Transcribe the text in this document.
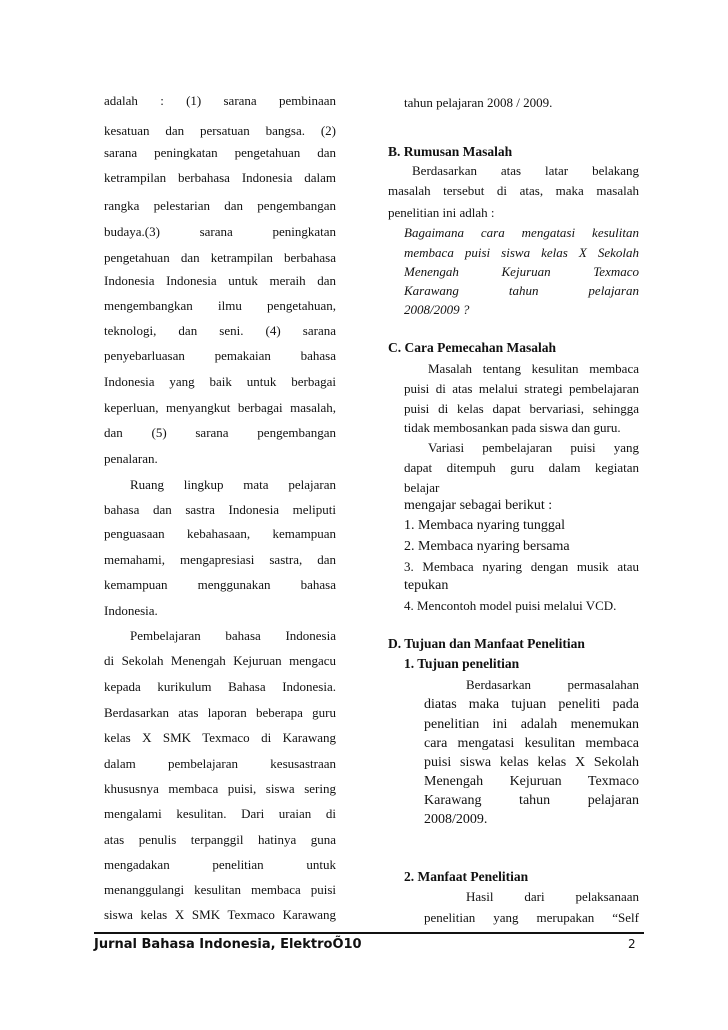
adalah : (1) sarana pembinaan
kesatuan dan persatuan bangsa. (2)
sarana peningkatan pengetahuan dan
ketrampilan berbahasa Indonesia dalam
rangka pelestarian dan pengembangan
budaya.(3) sarana peningkatan
pengetahuan dan ketrampilan berbahasa
Indonesia Indonesia untuk meraih dan
mengembangkan ilmu pengetahuan,
teknologi, dan seni. (4) sarana
penyebarluasan pemakaian bahasa
Indonesia yang baik untuk berbagai
keperluan, menyangkut berbagai masalah,
dan (5) sarana pengembangan
penalaran.
Ruang lingkup mata pelajaran
bahasa dan sastra Indonesia meliputi
penguasaan kebahasaan, kemampuan
memahami, mengapresiasi sastra, dan
kemampuan menggunakan bahasa
Indonesia.
Pembelajaran bahasa Indonesia
di Sekolah Menengah Kejuruan mengacu
kepada kurikulum Bahasa Indonesia.
Berdasarkan atas laporan beberapa guru
kelas X SMK Texmaco di Karawang
dalam pembelajaran kesusastraan
khususnya membaca puisi, siswa sering
mengalami kesulitan. Dari uraian di
atas penulis terpanggil hatinya guna
mengadakan penelitian untuk
menanggulangi kesulitan membaca puisi
siswa kelas X SMK Texmaco Karawang
tahun pelajaran 2008 / 2009.
B. Rumusan Masalah
Berdasarkan atas latar belakang
masalah tersebut di atas, maka masalah
penelitian ini adlah :
Bagaimana cara mengatasi kesulitan
membaca puisi siswa kelas X Sekolah
Menengah Kejuruan Texmaco
Karawang tahun pelajaran
2008/2009 ?
C. Cara Pemecahan Masalah
Masalah tentang kesulitan membaca
puisi di atas melalui strategi pembelajaran
puisi di kelas dapat bervariasi, sehingga
tidak membosankan pada siswa dan guru.
Variasi pembelajaran puisi yang
dapat ditempuh guru dalam kegiatan
belajar
mengajar sebagai berikut :
1. Membaca nyaring tunggal
2. Membaca nyaring bersama
3. Membaca nyaring dengan musik atau
tepukan
4. Mencontoh model puisi melalui VCD.
D. Tujuan dan Manfaat Penelitian
1. Tujuan penelitian
Berdasarkan permasalahan
diatas maka tujuan peneliti pada
penelitian ini adalah menemukan
cara mengatasi kesulitan membaca
puisi siswa kelas kelas X Sekolah
Menengah Kejuruan Texmaco
Karawang tahun pelajaran
2008/2009.
2. Manfaat Penelitian
Hasil dari pelaksanaan
penelitian yang merupakan “Self
Jurnal Bahasa Indonesia, ElektroÕ10	2
